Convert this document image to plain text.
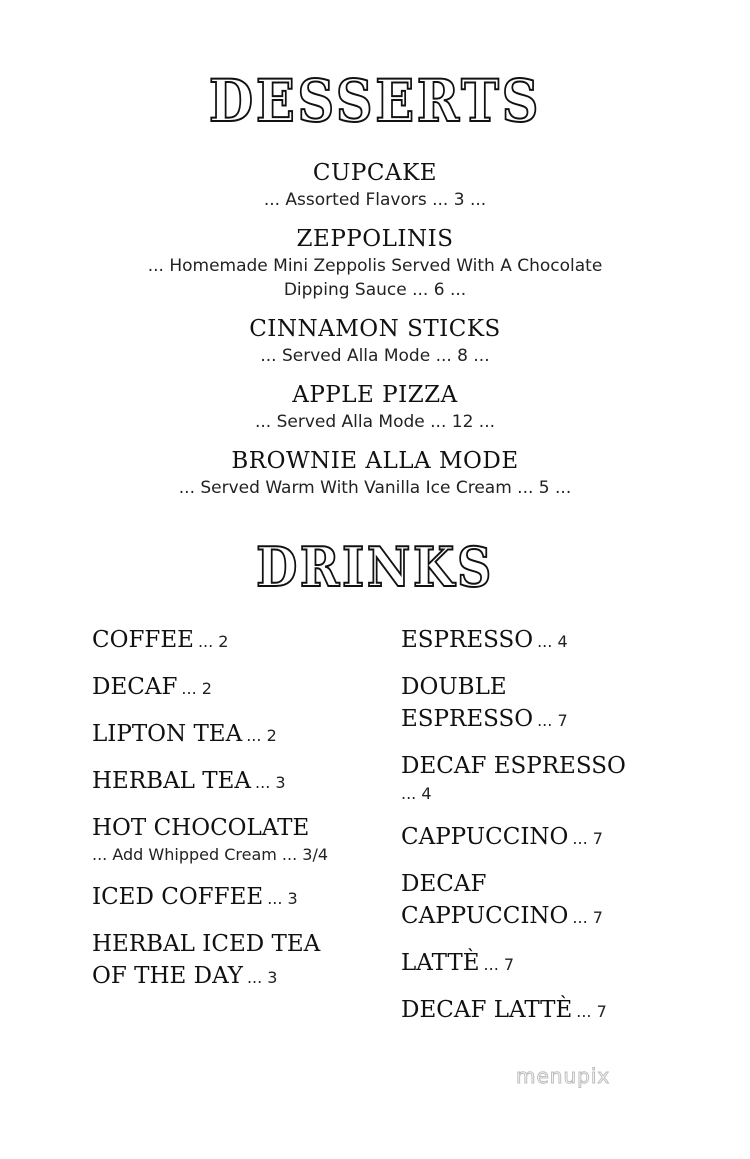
DESSERTS
CUPCAKE
... Assorted Flavors ... 3 ...
ZEPPOLINIS
... Homemade Mini Zeppolis Served With A Chocolate Dipping Sauce ... 6 ...
CINNAMON STICKS
... Served Alla Mode ... 8 ...
APPLE PIZZA
... Served Alla Mode ... 12 ...
BROWNIE ALLA MODE
... Served Warm With Vanilla Ice Cream ... 5 ...
DRINKS
COFFEE ... 2
DECAF ... 2
LIPTON TEA ... 2
HERBAL TEA ... 3
HOT CHOCOLATE
... Add Whipped Cream ... 3/4
ICED COFFEE ... 3
HERBAL ICED TEA OF THE DAY ... 3
ESPRESSO ... 4
DOUBLE ESPRESSO ... 7
DECAF ESPRESSO
... 4
CAPPUCCINO ... 7
DECAF CAPPUCCINO ... 7
LATTÈ ... 7
DECAF LATTÈ ... 7
menupix
